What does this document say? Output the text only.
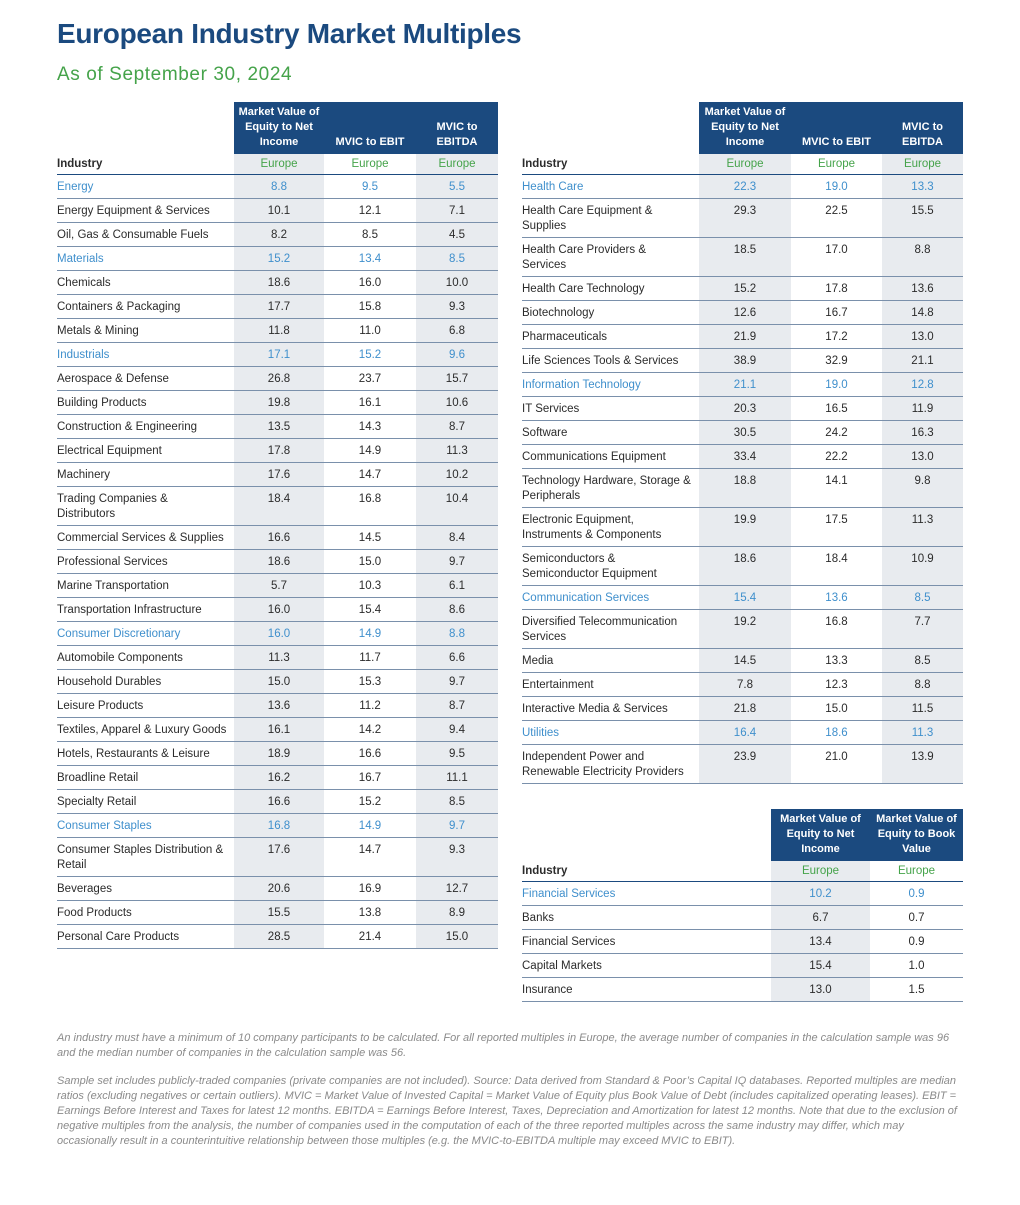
European Industry Market Multiples

As of September 30, 2024

	Market Value of Equity to Net Income	MVIC to EBIT	MVIC to EBITDA
Industry	Europe	Europe	Europe
Energy	8.8	9.5	5.5
Energy Equipment & Services	10.1	12.1	7.1
Oil, Gas & Consumable Fuels	8.2	8.5	4.5
Materials	15.2	13.4	8.5
Chemicals	18.6	16.0	10.0
Containers & Packaging	17.7	15.8	9.3
Metals & Mining	11.8	11.0	6.8
Industrials	17.1	15.2	9.6
Aerospace & Defense	26.8	23.7	15.7
Building Products	19.8	16.1	10.6
Construction & Engineering	13.5	14.3	8.7
Electrical Equipment	17.8	14.9	11.3
Machinery	17.6	14.7	10.2
Trading Companies & Distributors	18.4	16.8	10.4
Commercial Services & Supplies	16.6	14.5	8.4
Professional Services	18.6	15.0	9.7
Marine Transportation	5.7	10.3	6.1
Transportation Infrastructure	16.0	15.4	8.6
Consumer Discretionary	16.0	14.9	8.8
Automobile Components	11.3	11.7	6.6
Household Durables	15.0	15.3	9.7
Leisure Products	13.6	11.2	8.7
Textiles, Apparel & Luxury Goods	16.1	14.2	9.4
Hotels, Restaurants & Leisure	18.9	16.6	9.5
Broadline Retail	16.2	16.7	11.1
Specialty Retail	16.6	15.2	8.5
Consumer Staples	16.8	14.9	9.7
Consumer Staples Distribution & Retail	17.6	14.7	9.3
Beverages	20.6	16.9	12.7
Food Products	15.5	13.8	8.9
Personal Care Products	28.5	21.4	15.0
	Market Value of Equity to Net Income	MVIC to EBIT	MVIC to EBITDA
Industry	Europe	Europe	Europe
Health Care	22.3	19.0	13.3
Health Care Equipment & Supplies	29.3	22.5	15.5
Health Care Providers & Services	18.5	17.0	8.8
Health Care Technology	15.2	17.8	13.6
Biotechnology	12.6	16.7	14.8
Pharmaceuticals	21.9	17.2	13.0
Life Sciences Tools & Services	38.9	32.9	21.1
Information Technology	21.1	19.0	12.8
IT Services	20.3	16.5	11.9
Software	30.5	24.2	16.3
Communications Equipment	33.4	22.2	13.0
Technology Hardware, Storage & Peripherals	18.8	14.1	9.8
Electronic Equipment, Instruments & Components	19.9	17.5	11.3
Semiconductors & Semiconductor Equipment	18.6	18.4	10.9
Communication Services	15.4	13.6	8.5
Diversified Telecommunication Services	19.2	16.8	7.7
Media	14.5	13.3	8.5
Entertainment	7.8	12.3	8.8
Interactive Media & Services	21.8	15.0	11.5
Utilities	16.4	18.6	11.3
Independent Power and Renewable Electricity Providers	23.9	21.0	13.9
	Market Value of Equity to Net Income	Market Value of Equity to Book Value
Industry	Europe	Europe
Financial Services	10.2	0.9
Banks	6.7	0.7
Financial Services	13.4	0.9
Capital Markets	15.4	1.0
Insurance	13.0	1.5

An industry must have a minimum of 10 company participants to be calculated. For all reported multiples in Europe, the average number of companies in the calculation sample was 96 and the median number of companies in the calculation sample was 56.

Sample set includes publicly-traded companies (private companies are not included). Source: Data derived from Standard & Poor’s Capital IQ databases. Reported multiples are median ratios (excluding negatives or certain outliers). MVIC = Market Value of Invested Capital = Market Value of Equity plus Book Value of Debt (includes capitalized operating leases). EBIT = Earnings Before Interest and Taxes for latest 12 months. EBITDA = Earnings Before Interest, Taxes, Depreciation and Amortization for latest 12 months. Note that due to the exclusion of negative multiples from the analysis, the number of companies used in the computation of each of the three reported multiples across the same industry may differ, which may occasionally result in a counterintuitive relationship between those multiples (e.g. the MVIC-to-EBITDA multiple may exceed MVIC to EBIT).
